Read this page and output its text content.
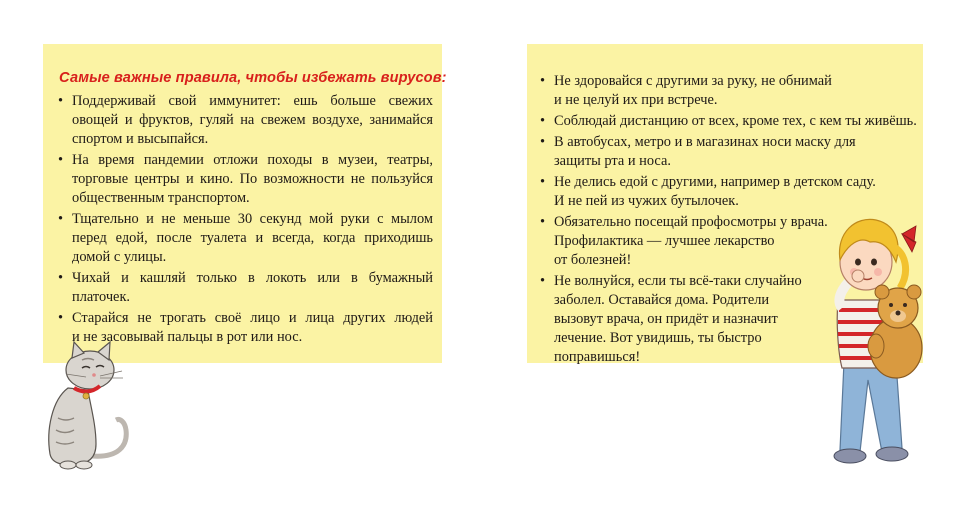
Самые важные правила, чтобы избежать вирусов:
• Поддерживай свой иммунитет: ешь больше свежих
овощей и фруктов, гуляй на свежем воздухе, занимайся
спортом и высыпайся.
• На время пандемии отложи походы в музеи, театры,
торговые центры и кино. По возможности не пользуйся
общественным транспортом.
• Тщательно и не меньше 30 секунд мой руки с мылом
перед едой, после туалета и всегда, когда приходишь
домой с улицы.
• Чихай и кашляй только в локоть или в бумажный
платочек.
• Старайся не трогать своё лицо и лица других людей
и не засовывай пальцы в рот или нос.
• Не здоровайся с другими за руку, не обнимай
и не целуй их при встрече.
• Соблюдай дистанцию от всех, кроме тех, с кем ты живёшь.
• В автобусах, метро и в магазинах носи маску для
защиты рта и носа.
• Не делись едой с другими, например в детском саду.
И не пей из чужих бутылочек.
• Обязательно посещай профосмотры у врача.
Профилактика — лучшее лекарство
от болезней!
• Не волнуйся, если ты всё-таки случайно
заболел. Оставайся дома. Родители
вызовут врача, он придёт и назначит
лечение. Вот увидишь, ты быстро
поправишься!
